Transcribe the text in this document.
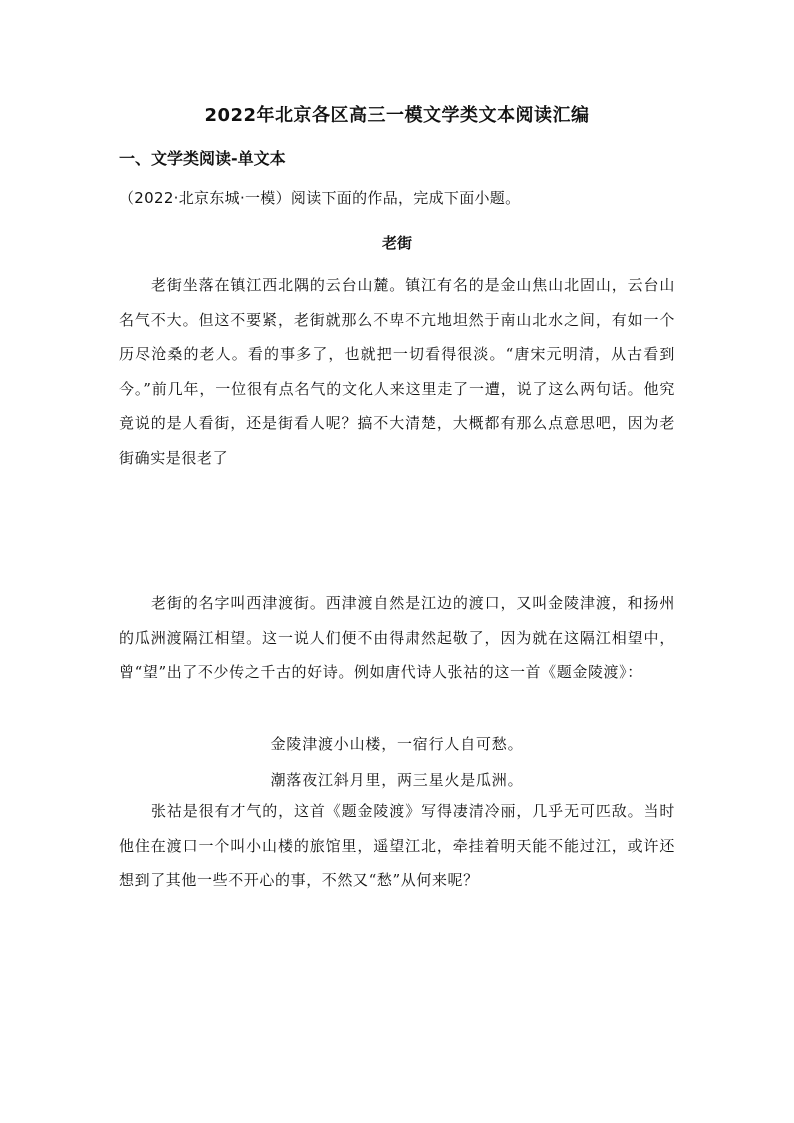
2022年北京各区高三一模文学类文本阅读汇编
一、文学类阅读-单文本
（2022·北京东城·一模）阅读下面的作品，完成下面小题。
老街

老街坐落在镇江西北隅的云台山麓。镇江有名的是金山焦山北固山，云台山名气不大。但这不要紧，老街就那么不卑不亢地坦然于南山北水之间，有如一个历尽沧桑的老人。看的事多了，也就把一切看得很淡。“唐宋元明清，从古看到今。”前几年，一位很有点名气的文化人来这里走了一遭，说了这么两句话。他究竟说的是人看街，还是街看人呢？搞不大清楚，大概都有那么点意思吧，因为老街确实是很老了

老街的名字叫西津渡街。西津渡自然是江边的渡口，又叫金陵津渡，和扬州的瓜洲渡隔江相望。这一说人们便不由得肃然起敬了，因为就在这隔江相望中，曾“望”出了不少传之千古的好诗。例如唐代诗人张祜的这一首《题金陵渡》：

金陵津渡小山楼，一宿行人自可愁。
潮落夜江斜月里，两三星火是瓜洲。

张祜是很有才气的，这首《题金陵渡》写得凄清冷丽，几乎无可匹敌。当时他住在渡口一个叫小山楼的旅馆里，遥望江北，牵挂着明天能不能过江，或许还想到了其他一些不开心的事，不然又“愁”从何来呢？
